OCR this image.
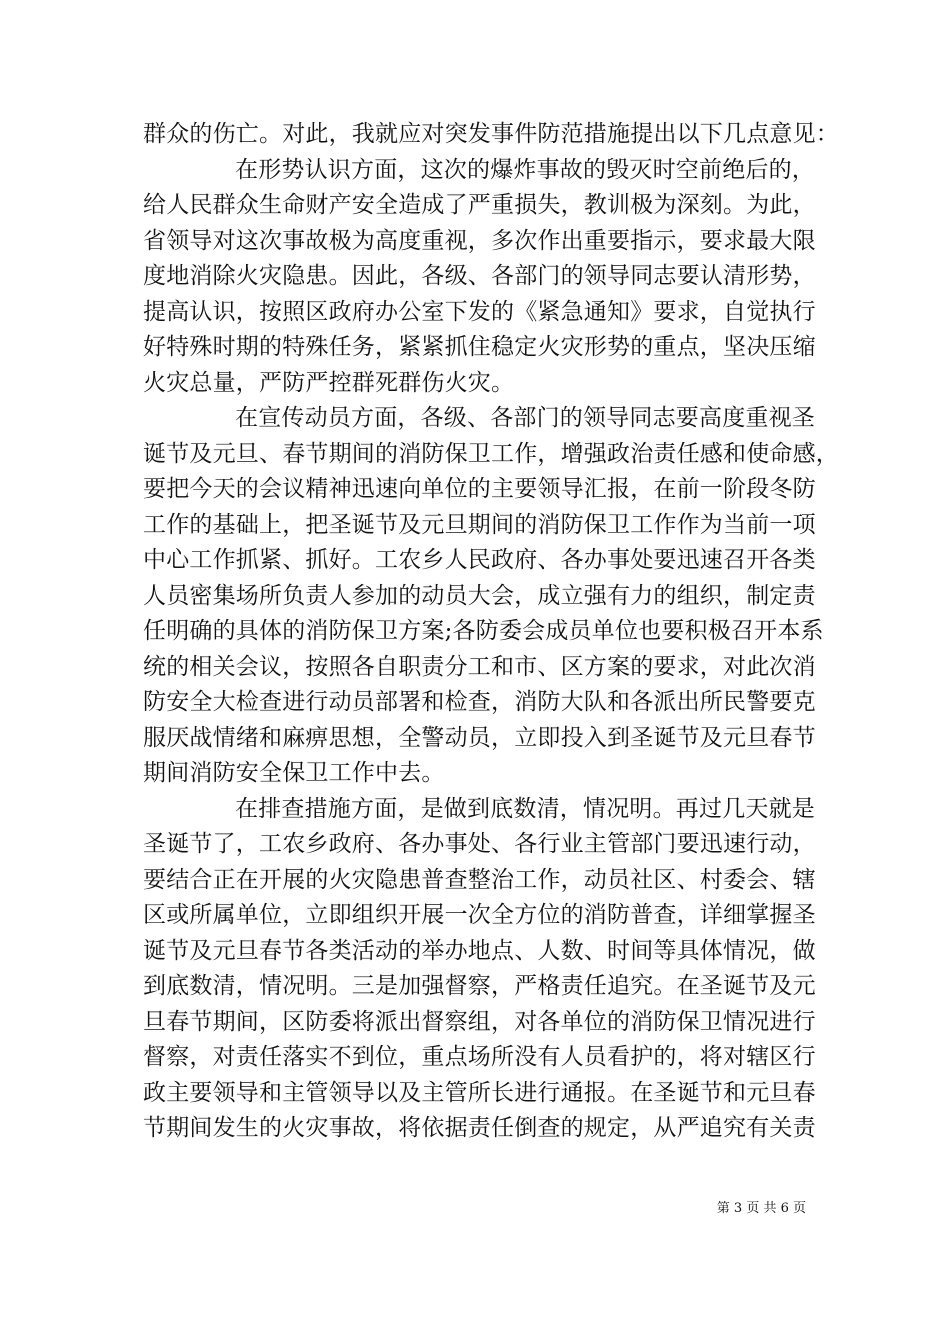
群众的伤亡。对此，我就应对突发事件防范措施提出以下几点意见：
在形势认识方面，这次的爆炸事故的毁灭时空前绝后的，
给人民群众生命财产安全造成了严重损失，教训极为深刻。为此，
省领导对这次事故极为高度重视，多次作出重要指示，要求最大限
度地消除火灾隐患。因此，各级、各部门的领导同志要认清形势，
提高认识，按照区政府办公室下发的《紧急通知》要求，自觉执行
好特殊时期的特殊任务，紧紧抓住稳定火灾形势的重点，坚决压缩
火灾总量，严防严控群死群伤火灾。
在宣传动员方面，各级、各部门的领导同志要高度重视圣
诞节及元旦、春节期间的消防保卫工作，增强政治责任感和使命感，
要把今天的会议精神迅速向单位的主要领导汇报，在前一阶段冬防
工作的基础上，把圣诞节及元旦期间的消防保卫工作作为当前一项
中心工作抓紧、抓好。工农乡人民政府、各办事处要迅速召开各类
人员密集场所负责人参加的动员大会，成立强有力的组织，制定责
任明确的具体的消防保卫方案;各防委会成员单位也要积极召开本系
统的相关会议，按照各自职责分工和市、区方案的要求，对此次消
防安全大检查进行动员部署和检查，消防大队和各派出所民警要克
服厌战情绪和麻痹思想，全警动员，立即投入到圣诞节及元旦春节
期间消防安全保卫工作中去。
在排查措施方面，是做到底数清，情况明。再过几天就是
圣诞节了，工农乡政府、各办事处、各行业主管部门要迅速行动，
要结合正在开展的火灾隐患普查整治工作，动员社区、村委会、辖
区或所属单位，立即组织开展一次全方位的消防普查，详细掌握圣
诞节及元旦春节各类活动的举办地点、人数、时间等具体情况，做
到底数清，情况明。三是加强督察，严格责任追究。在圣诞节及元
旦春节期间，区防委将派出督察组，对各单位的消防保卫情况进行
督察，对责任落实不到位，重点场所没有人员看护的，将对辖区行
政主要领导和主管领导以及主管所长进行通报。在圣诞节和元旦春
节期间发生的火灾事故，将依据责任倒查的规定，从严追究有关责
第 3 页 共 6 页
